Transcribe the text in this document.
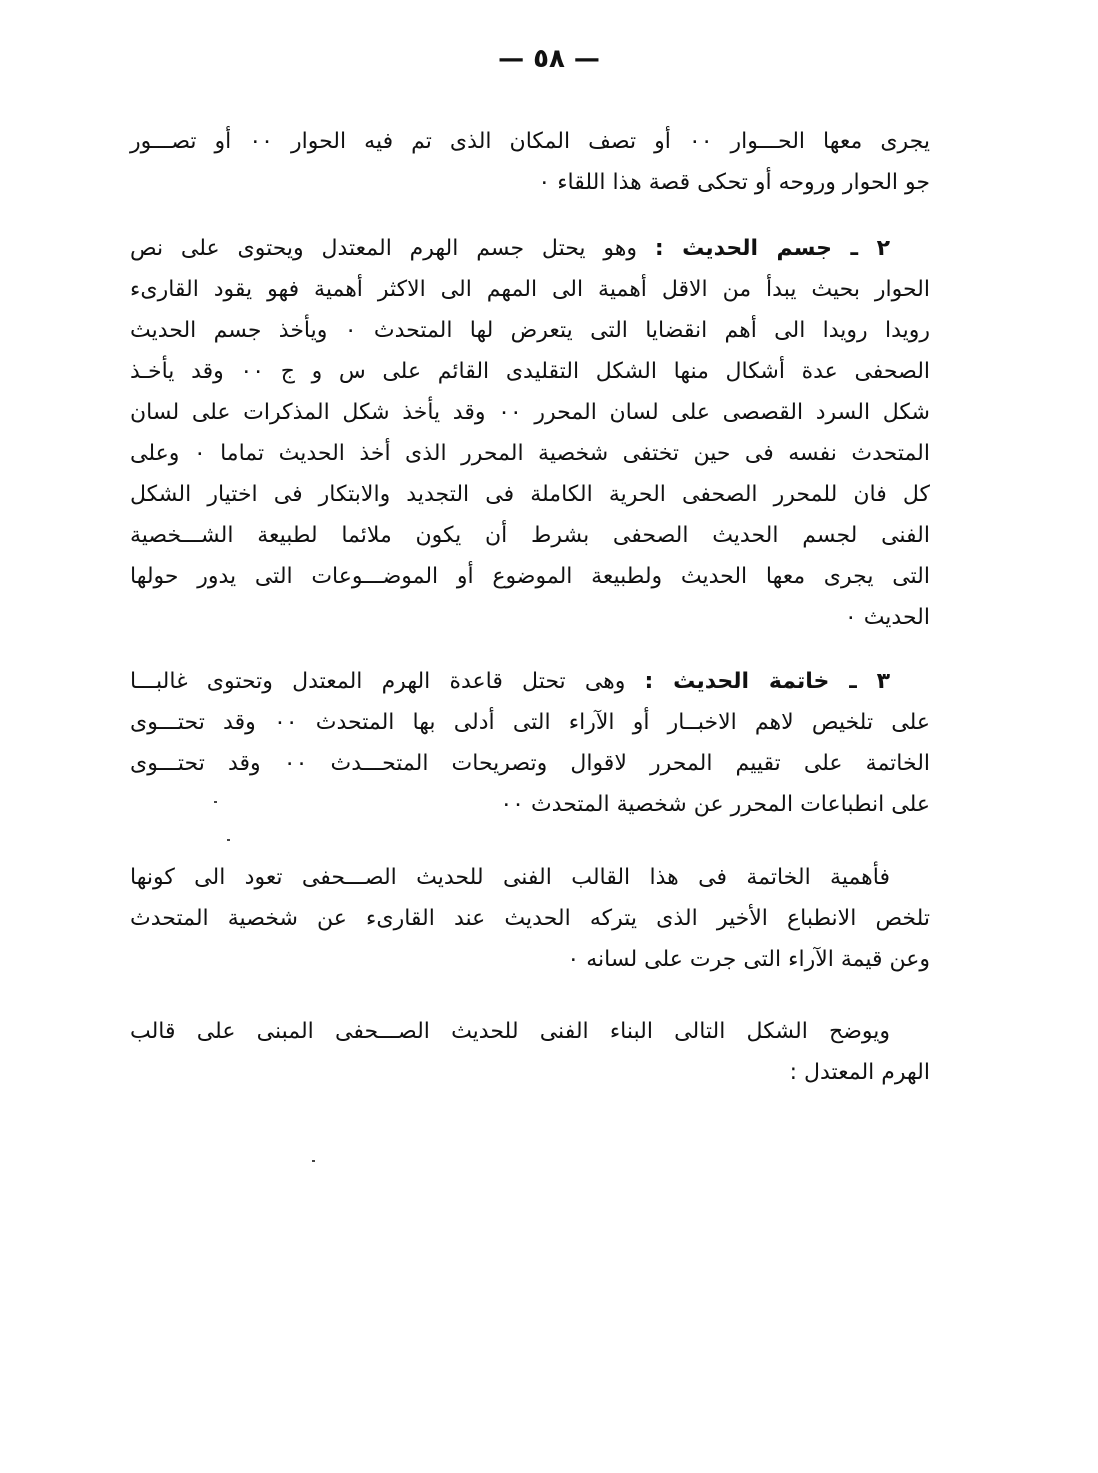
— ٥٨ —
يجرى معها الحـــوار ٠٠ أو تصف المكان الذى تم فيه الحوار ٠٠ أو تصـــور
جو الحوار وروحه أو تحكى قصة هذا اللقاء ٠
٢ ـ جسم الحديث : وهو يحتل جسم الهرم المعتدل ويحتوى على نص
الحوار بحيث يبدأ من الاقل أهمية الى المهم الى الاكثر أهمية فهو يقود القارىء
رويدا رويدا الى أهم انقضايا التى يتعرض لها المتحدث ٠ ويأخذ جسم الحديث
الصحفى عدة أشكال منها الشكل التقليدى القائم على س و ج ٠٠ وقد يأخـذ
شكل السرد القصصى على لسان المحرر ٠٠ وقد يأخذ شكل المذكرات على لسان
المتحدث نفسه فى حين تختفى شخصية المحرر الذى أخذ الحديث تماما ٠ وعلى
كل فان للمحرر الصحفى الحرية الكاملة فى التجديد والابتكار فى اختيار الشكل
الفنى لجسم الحديث الصحفى بشرط أن يكون ملائما لطبيعة الشـــخصية
التى يجرى معها الحديث ولطبيعة الموضوع أو الموضـــوعات التى يدور حولها
الحديث ٠
٣ ـ خاتمة الحديث : وهى تحتل قاعدة الهرم المعتدل وتحتوى غالبـــا
على تلخيص لاهم الاخبــار أو الآراء التى أدلى بها المتحدث ٠٠ وقد تحتـــوى
الخاتمة على تقييم المحرر لاقوال وتصريحات المتحـــدث ٠٠ وقد تحتـــوى
على انطباعات المحرر عن شخصية المتحدث ٠٠
فأهمية الخاتمة فى هذا القالب الفنى للحديث الصـــحفى تعود الى كونها
تلخص الانطباع الأخير الذى يتركه الحديث عند القارىء عن شخصية المتحدث
وعن قيمة الآراء التى جرت على لسانه ٠
ويوضح الشكل التالى البناء الفنى للحديث الصـــحفى المبنى على قالب
الهرم المعتدل :
